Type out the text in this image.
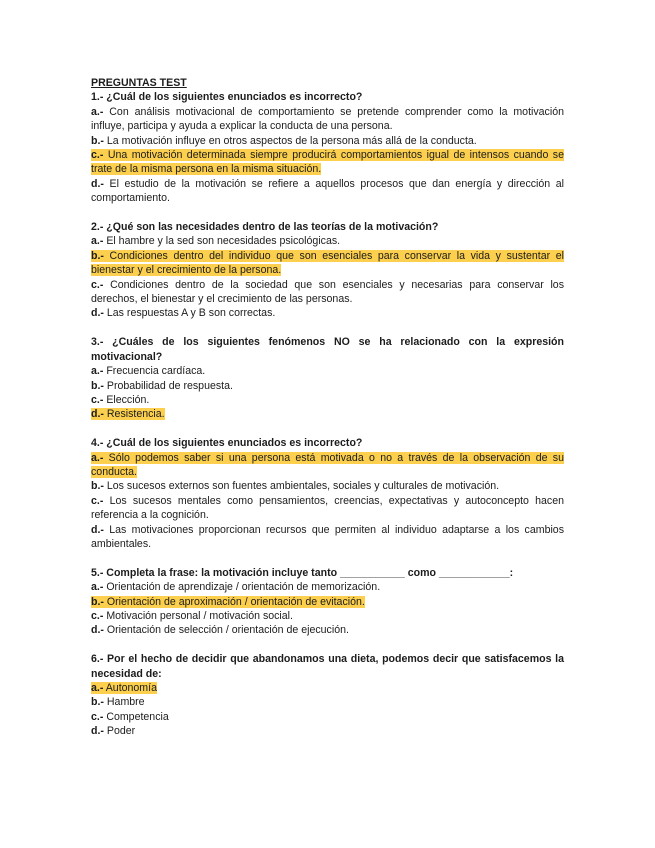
PREGUNTAS TEST
1.- ¿Cuál de los siguientes enunciados es incorrecto?
a.- Con análisis motivacional de comportamiento se pretende comprender como la motivación influye, participa y ayuda a explicar la conducta de una persona.
b.- La motivación influye en otros aspectos de la persona más allá de la conducta.
c.- Una motivación determinada siempre producirá comportamientos igual de intensos cuando se trate de la misma persona en la misma situación.
d.- El estudio de la motivación se refiere a aquellos procesos que dan energía y dirección al comportamiento.
2.- ¿Qué son las necesidades dentro de las teorías de la motivación?
a.- El hambre y la sed son necesidades psicológicas.
b.- Condiciones dentro del individuo que son esenciales para conservar la vida y sustentar el bienestar y el crecimiento de la persona.
c.- Condiciones dentro de la sociedad que son esenciales y necesarias para conservar los derechos, el bienestar y el crecimiento de las personas.
d.- Las respuestas A y B son correctas.
3.- ¿Cuáles de los siguientes fenómenos NO se ha relacionado con la expresión motivacional?
a.- Frecuencia cardíaca.
b.- Probabilidad de respuesta.
c.- Elección.
d.- Resistencia.
4.- ¿Cuál de los siguientes enunciados es incorrecto?
a.- Sólo podemos saber si una persona está motivada o no a través de la observación de su conducta.
b.- Los sucesos externos son fuentes ambientales, sociales y culturales de motivación.
c.- Los sucesos mentales como pensamientos, creencias, expectativas y autoconcepto hacen referencia a la cognición.
d.- Las motivaciones proporcionan recursos que permiten al individuo adaptarse a los cambios ambientales.
5.- Completa la frase: la motivación incluye tanto ___________ como ____________:
a.- Orientación de aprendizaje / orientación de memorización.
b.- Orientación de aproximación / orientación de evitación.
c.- Motivación personal / motivación social.
d.- Orientación de selección / orientación de ejecución.
6.- Por el hecho de decidir que abandonamos una dieta, podemos decir que satisfacemos la necesidad de:
a.- Autonomía
b.- Hambre
c.- Competencia
d.- Poder
